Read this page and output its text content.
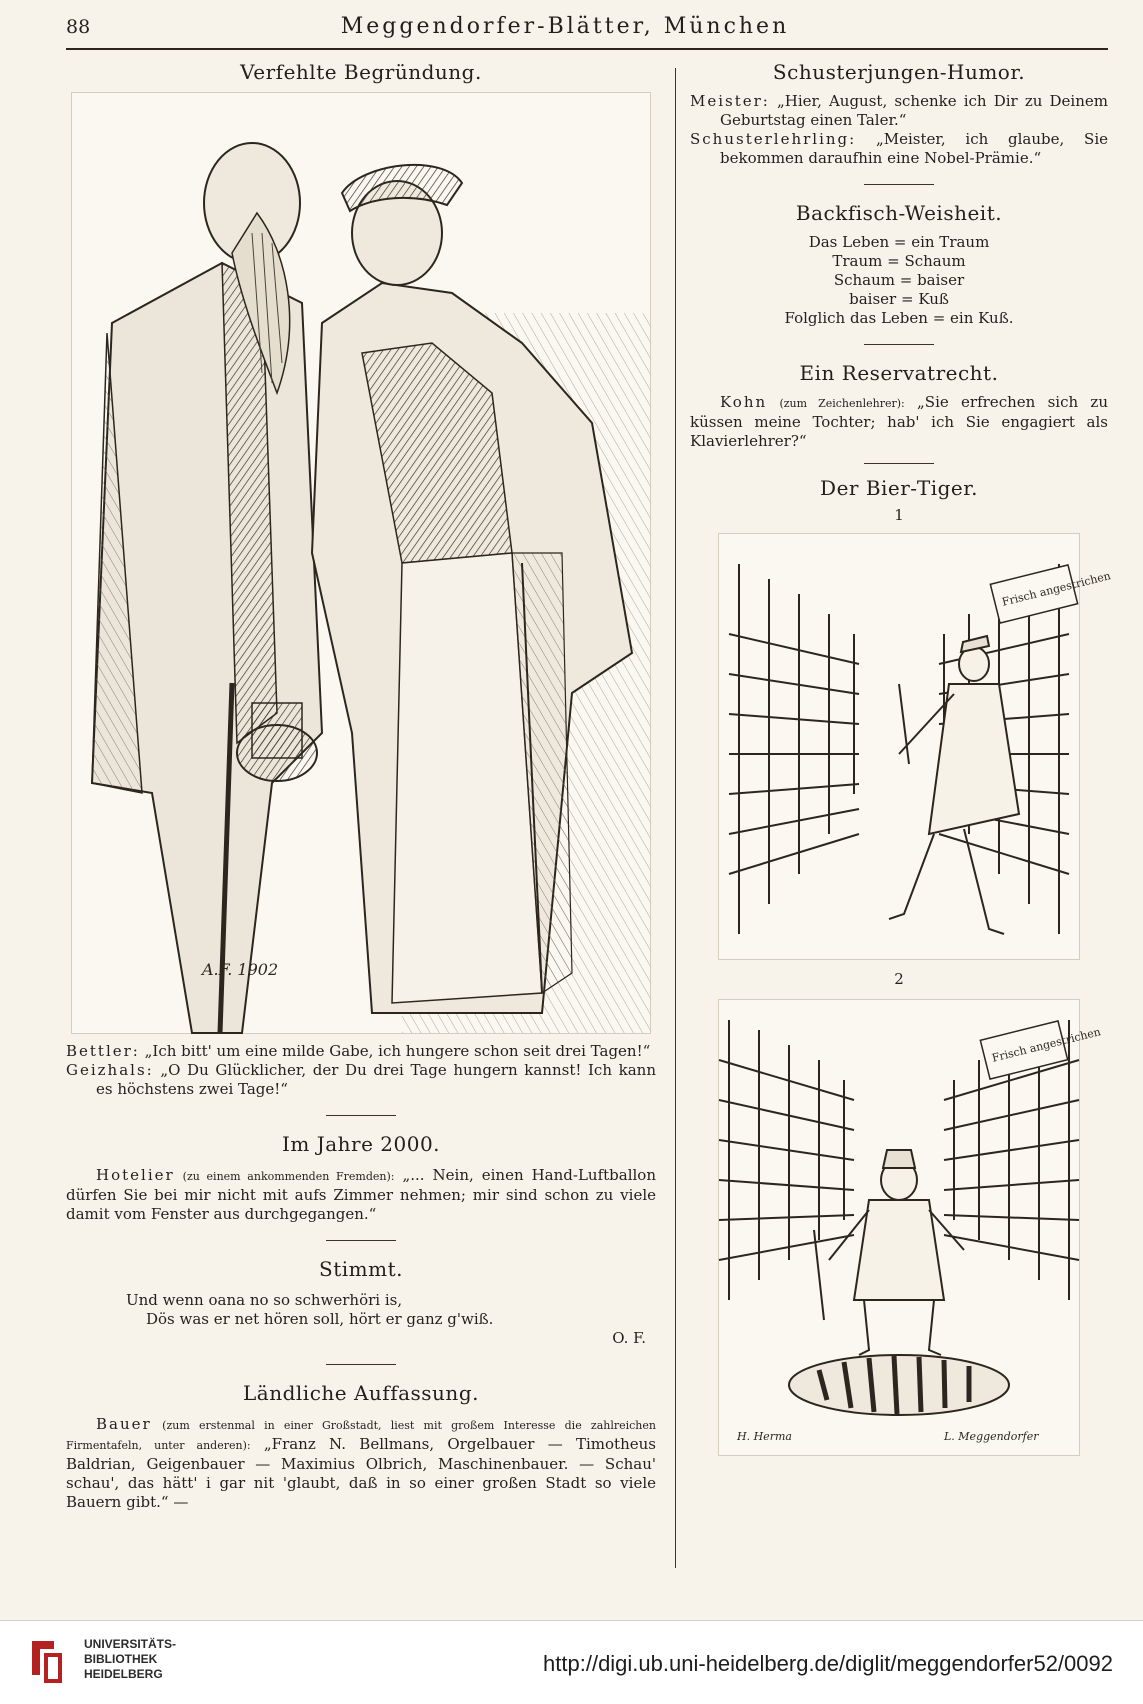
88	Meggendorfer-Blätter, München
Verfehlte Begründung.
A.F. 1902

Bettler: „Ich bitt' um eine milde Gabe, ich hungere schon seit drei Tagen!“

Geizhals: „O Du Glücklicher, der Du drei Tage hungern kannst! Ich kann es höchstens zwei Tage!“

Im Jahre 2000.

Hotelier (zu einem ankommenden Fremden): „... Nein, einen Hand-Luftballon dürfen Sie bei mir nicht mit aufs Zimmer nehmen; mir sind schon zu viele damit vom Fenster aus durchgegangen.“

Stimmt.

Und wenn oana no so schwerhöri is,

Dös was er net hören soll, hört er ganz g'wiß.

O. F.

Ländliche Auffassung.

Bauer (zum erstenmal in einer Großstadt, liest mit großem Interesse die zahlreichen Firmentafeln, unter anderen): „Franz N. Bellmans, Orgelbauer — Timotheus Baldrian, Geigenbauer — Maximius Olbrich, Maschinenbauer. — Schau' schau', das hätt' i gar nit 'glaubt, daß in so einer großen Stadt so viele Bauern gibt.“ —

Schusterjungen-Humor.

Meister: „Hier, August, schenke ich Dir zu Deinem Geburtstag einen Taler.“

Schusterlehrling: „Meister, ich glaube, Sie bekommen daraufhin eine Nobel-Prämie.“

Backfisch-Weisheit.

Das Leben = ein Traum

Traum = Schaum

Schaum = baiser

baiser = Kuß

Folglich das Leben = ein Kuß.

Ein Reservatrecht.

Kohn (zum Zeichenlehrer): „Sie erfrechen sich zu küssen meine Tochter; hab' ich Sie engagiert als Klavierlehrer?“

Der Bier-Tiger.

1

Frisch angestrichen

2

Frisch angestrichen
H. Herma	L. Meggendorfer
UNIVERSITÄTS-
BIBLIOTHEK
HEIDELBERG	http://digi.ub.uni-heidelberg.de/diglit/meggendorfer52/0092
